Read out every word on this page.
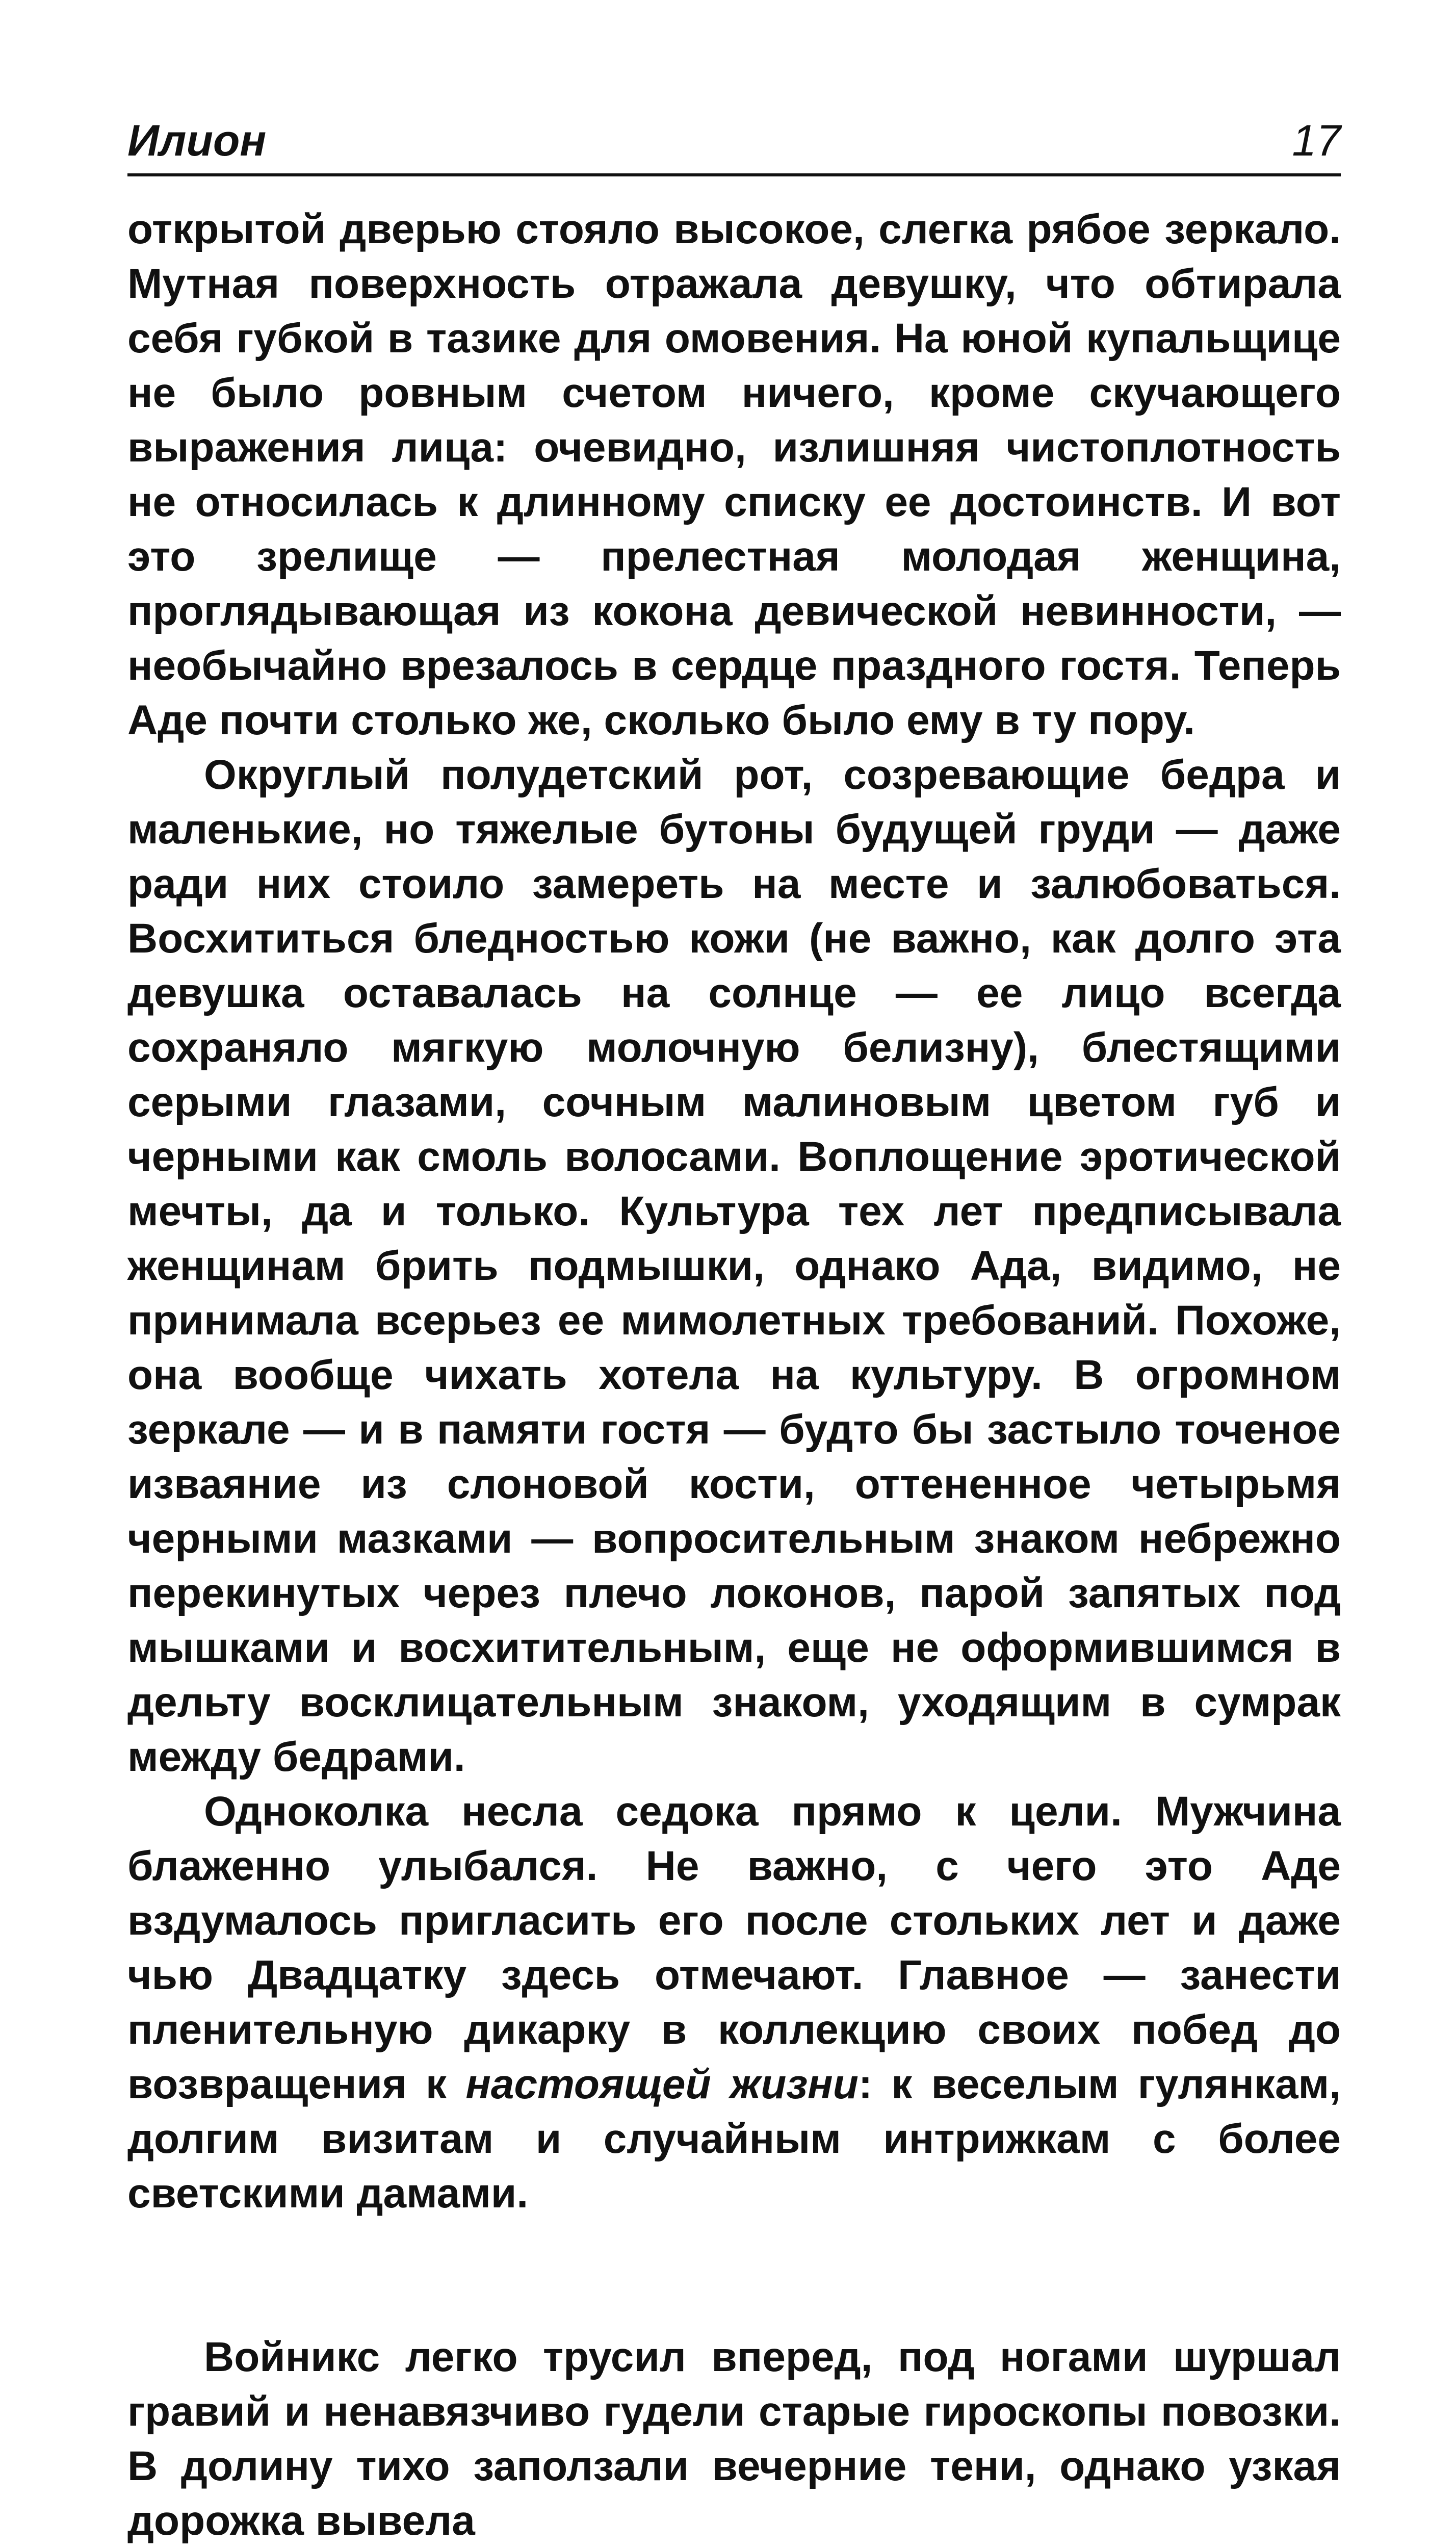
Илион	17

открытой дверью стояло высокое, слегка рябое зеркало. Мутная поверхность отражала девушку, что обтирала себя губкой в тазике для омовения. На юной купальщице не было ровным счетом ничего, кроме скучающего выражения лица: очевидно, излишняя чистоплотность не относилась к длинному списку ее достоинств. И вот это зрелище — прелестная молодая женщина, проглядывающая из кокона девической невинности, — необычайно врезалось в сердце праздного гостя. Теперь Аде почти столько же, сколько было ему в ту пору.

Округлый полудетский рот, созревающие бедра и маленькие, но тяжелые бутоны будущей груди — даже ради них стоило замереть на месте и залюбоваться. Восхититься бледностью кожи (не важно, как долго эта девушка оставалась на солнце — ее лицо всегда сохраняло мягкую молочную белизну), блестящими серыми глазами, сочным малиновым цветом губ и черными как смоль волосами. Воплощение эротической мечты, да и только. Культура тех лет предписывала женщинам брить подмышки, однако Ада, видимо, не принимала всерьез ее мимолетных требований. Похоже, она вообще чихать хотела на культуру. В огромном зеркале — и в памяти гостя — будто бы застыло точеное изваяние из слоновой кости, оттененное четырьмя черными мазками — вопросительным знаком небрежно перекинутых через плечо локонов, парой запятых под мышками и восхитительным, еще не оформившимся в дельту восклицательным знаком, уходящим в сумрак между бедрами.

Одноколка несла седока прямо к цели. Мужчина блаженно улыбался. Не важно, с чего это Аде вздумалось пригласить его после стольких лет и даже чью Двадцатку здесь отмечают. Главное — занести пленительную дикарку в коллекцию своих побед до возвращения к настоящей жизни: к веселым гулянкам, долгим визитам и случайным интрижкам с более светскими дамами.

Войникс легко трусил вперед, под ногами шуршал гравий и ненавязчиво гудели старые гироскопы повозки. В долину тихо заползали вечерние тени, однако узкая дорожка вывела
